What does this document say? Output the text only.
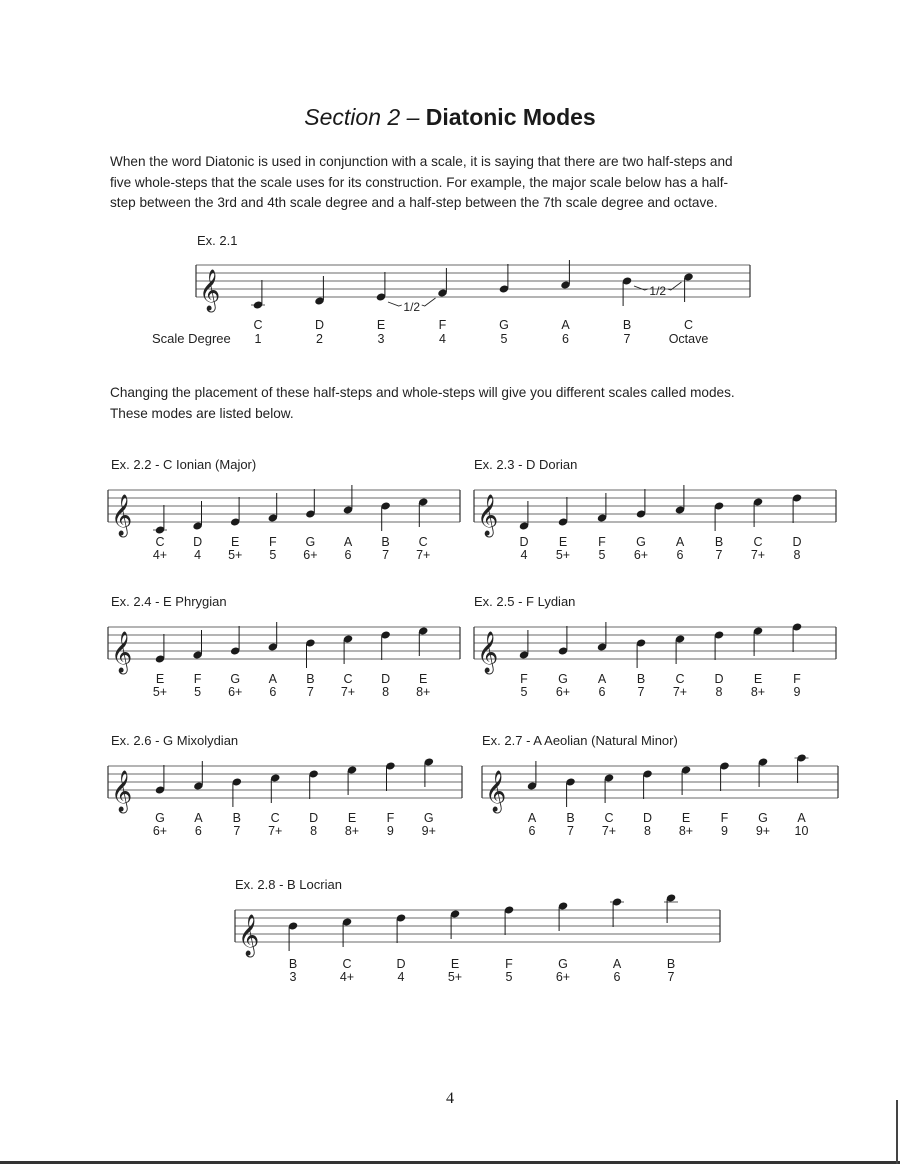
Section 2 – Diatonic Modes
When the word Diatonic is used in conjunction with a scale, it is saying that there are two half-steps and
five whole-steps that the scale uses for its construction. For example, the major scale below has a half-
step between the 3rd and 4th scale degree and a half-step between the 7th scale degree and octave.
Ex. 2.1
𝄞
C
1
D
2
E
3
F
4
G
5
A
6
B
7
C
Octave
1/2
1/2
Scale Degree
Changing the placement of these half-steps and whole-steps will give you different scales called modes.
These modes are listed below.
Ex. 2.2 - C Ionian (Major)
𝄞
C
4+
D
4
E
5+
F
5
G
6+
A
6
B
7
C
7+
Ex. 2.3 - D Dorian
𝄞
D
4
E
5+
F
5
G
6+
A
6
B
7
C
7+
D
8
Ex. 2.4 - E Phrygian
𝄞
E
5+
F
5
G
6+
A
6
B
7
C
7+
D
8
E
8+
Ex. 2.5 - F Lydian
𝄞
F
5
G
6+
A
6
B
7
C
7+
D
8
E
8+
F
9
Ex. 2.6 - G Mixolydian
𝄞
G
6+
A
6
B
7
C
7+
D
8
E
8+
F
9
G
9+
Ex. 2.7 - A Aeolian (Natural Minor)
𝄞
A
6
B
7
C
7+
D
8
E
8+
F
9
G
9+
A
10
Ex. 2.8 - B Locrian
𝄞
B
3
C
4+
D
4
E
5+
F
5
G
6+
A
6
B
7
4
